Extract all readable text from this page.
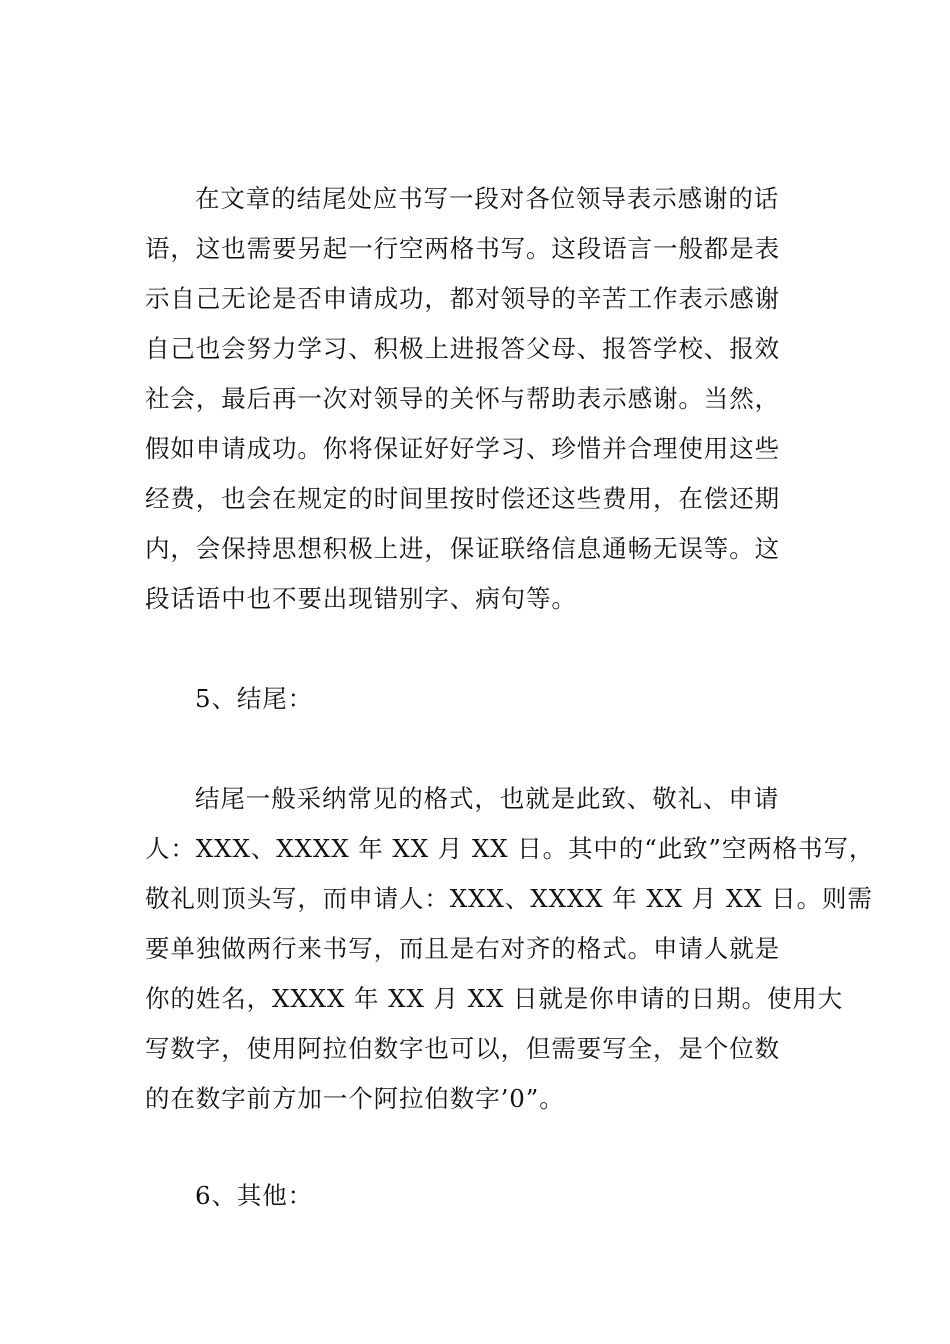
在文章的结尾处应书写一段对各位领导表示感谢的话
语，这也需要另起一行空两格书写。这段语言一般都是表
示自己无论是否申请成功，都对领导的辛苦工作表示感谢
自己也会努力学习、积极上进报答父母、报答学校、报效
社会，最后再一次对领导的关怀与帮助表示感谢。当然，
假如申请成功。你将保证好好学习、珍惜并合理使用这些
经费，也会在规定的时间里按时偿还这些费用，在偿还期
内，会保持思想积极上进，保证联络信息通畅无误等。这
段话语中也不要出现错别字、病句等。
5、结尾：
结尾一般采纳常见的格式，也就是此致、敬礼、申请
人：XXX、XXXX 年 XX 月 XX 日。其中的“此致”空两格书写，
敬礼则顶头写，而申请人：XXX、XXXX 年 XX 月 XX 日。则需
要单独做两行来书写，而且是右对齐的格式。申请人就是
你的姓名，XXXX 年 XX 月 XX 日就是你申请的日期。使用大
写数字，使用阿拉伯数字也可以，但需要写全，是个位数
的在数字前方加一个阿拉伯数字’0”。
6、其他：
